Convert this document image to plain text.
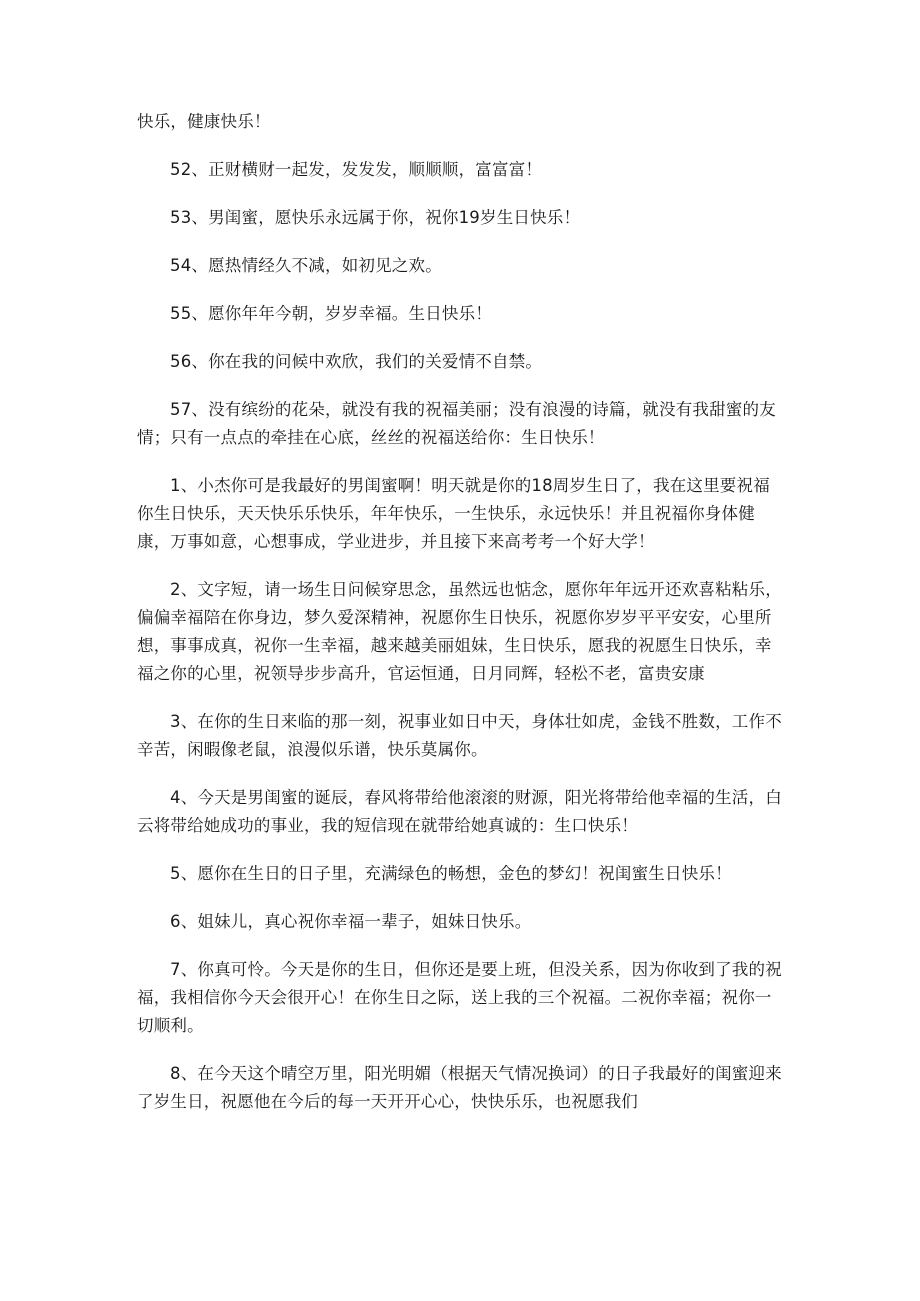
快乐，健康快乐！

52、正财横财一起发，发发发，顺顺顺，富富富！

53、男闺蜜，愿快乐永远属于你，祝你19岁生日快乐！

54、愿热情经久不减，如初见之欢。

55、愿你年年今朝，岁岁幸福。生日快乐！

56、你在我的问候中欢欣，我们的关爱情不自禁。

57、没有缤纷的花朵，就没有我的祝福美丽；没有浪漫的诗篇，就没有我甜蜜的友情；只有一点点的牵挂在心底，丝丝的祝福送给你：生日快乐！

1、小杰你可是我最好的男闺蜜啊！明天就是你的18周岁生日了，我在这里要祝福你生日快乐，天天快乐乐快乐，年年快乐，一生快乐，永远快乐！并且祝福你身体健康，万事如意，心想事成，学业进步，并且接下来高考考一个好大学！

2、文字短，请一场生日问候穿思念，虽然远也惦念，愿你年年远开还欢喜粘粘乐，偏偏幸福陪在你身边，梦久爱深精神，祝愿你生日快乐，祝愿你岁岁平平安安，心里所想，事事成真，祝你一生幸福，越来越美丽姐妹，生日快乐，愿我的祝愿生日快乐，幸福之你的心里，祝领导步步高升，官运恒通，日月同辉，轻松不老，富贵安康

3、在你的生日来临的那一刻，祝事业如日中天，身体壮如虎，金钱不胜数，工作不辛苦，闲暇像老鼠，浪漫似乐谱，快乐莫属你。

4、今天是男闺蜜的诞辰，春风将带给他滚滚的财源，阳光将带给他幸福的生活，白云将带给她成功的事业，我的短信现在就带给她真诚的：生口快乐！

5、愿你在生日的日子里，充满绿色的畅想，金色的梦幻！祝闺蜜生日快乐！

6、姐妹儿，真心祝你幸福一辈子，姐妹日快乐。

7、你真可怜。今天是你的生日，但你还是要上班，但没关系，因为你收到了我的祝福，我相信你今天会很开心！在你生日之际，送上我的三个祝福。二祝你幸福；祝你一切顺利。

8、在今天这个晴空万里，阳光明媚（根据天气情况换词）的日子我最好的闺蜜迎来了岁生日，祝愿他在今后的每一天开开心心，快快乐乐，也祝愿我们
